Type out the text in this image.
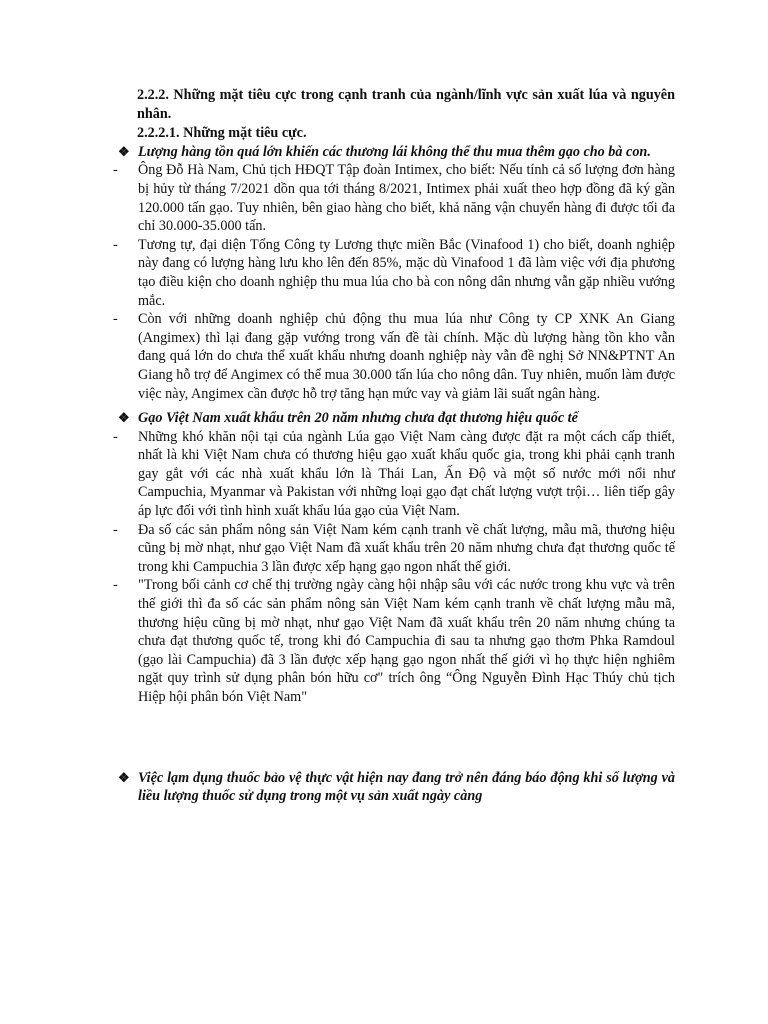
2.2.2. Những mặt tiêu cực trong cạnh tranh của ngành/lĩnh vực sản xuất lúa và nguyên nhân.
2.2.2.1. Những mặt tiêu cực.
❖ Lượng hàng tồn quá lớn khiến các thương lái không thể thu mua thêm gạo cho bà con.
- Ông Đỗ Hà Nam, Chủ tịch HĐQT Tập đoàn Intimex, cho biết: Nếu tính cả số lượng đơn hàng bị hủy từ tháng 7/2021 dồn qua tới tháng 8/2021, Intimex phải xuất theo hợp đồng đã ký gần 120.000 tấn gạo. Tuy nhiên, bên giao hàng cho biết, khả năng vận chuyển hàng đi được tối đa chỉ 30.000-35.000 tấn.
- Tương tự, đại diện Tổng Công ty Lương thực miền Bắc (Vinafood 1) cho biết, doanh nghiệp này đang có lượng hàng lưu kho lên đến 85%, mặc dù Vinafood 1 đã làm việc với địa phương tạo điều kiện cho doanh nghiệp thu mua lúa cho bà con nông dân nhưng vẫn gặp nhiều vướng mắc.
- Còn với những doanh nghiệp chủ động thu mua lúa như Công ty CP XNK An Giang (Angimex) thì lại đang gặp vướng trong vấn đề tài chính. Mặc dù lượng hàng tồn kho vẫn đang quá lớn do chưa thể xuất khẩu nhưng doanh nghiệp này vẫn đề nghị Sở NN&PTNT An Giang hỗ trợ để Angimex có thể mua 30.000 tấn lúa cho nông dân. Tuy nhiên, muốn làm được việc này, Angimex cần được hỗ trợ tăng hạn mức vay và giảm lãi suất ngân hàng.
❖ Gạo Việt Nam xuất khẩu trên 20 năm nhưng chưa đạt thương hiệu quốc tế
- Những khó khăn nội tại của ngành Lúa gạo Việt Nam càng được đặt ra một cách cấp thiết, nhất là khi Việt Nam chưa có thương hiệu gạo xuất khẩu quốc gia, trong khi phải cạnh tranh gay gắt với các nhà xuất khẩu lớn là Thái Lan, Ấn Độ và một số nước mới nổi như Campuchia, Myanmar và Pakistan với những loại gạo đạt chất lượng vượt trội… liên tiếp gây áp lực đối với tình hình xuất khẩu lúa gạo của Việt Nam.
- Đa số các sản phẩm nông sản Việt Nam kém cạnh tranh về chất lượng, mẫu mã, thương hiệu cũng bị mờ nhạt, như gạo Việt Nam đã xuất khẩu trên 20 năm nhưng chưa đạt thương quốc tế trong khi Campuchia 3 lần được xếp hạng gạo ngon nhất thế giới.
- "Trong bối cảnh cơ chế thị trường ngày càng hội nhập sâu với các nước trong khu vực và trên thế giới thì đa số các sản phẩm nông sản Việt Nam kém cạnh tranh về chất lượng mẫu mã, thương hiệu cũng bị mờ nhạt, như gạo Việt Nam đã xuất khẩu trên 20 năm nhưng chúng ta chưa đạt thương quốc tế, trong khi đó Campuchia đi sau ta nhưng gạo thơm Phka Ramdoul (gạo lài Campuchia) đã 3 lần được xếp hạng gạo ngon nhất thế giới vì họ thực hiện nghiêm ngặt quy trình sử dụng phân bón hữu cơ" trích ông “Ông Nguyễn Đình Hạc Thúy chủ tịch Hiệp hội phân bón Việt Nam"
❖ Việc lạm dụng thuốc bảo vệ thực vật hiện nay đang trở nên đáng báo động khi số lượng và liều lượng thuốc sử dụng trong một vụ sản xuất ngày càng
